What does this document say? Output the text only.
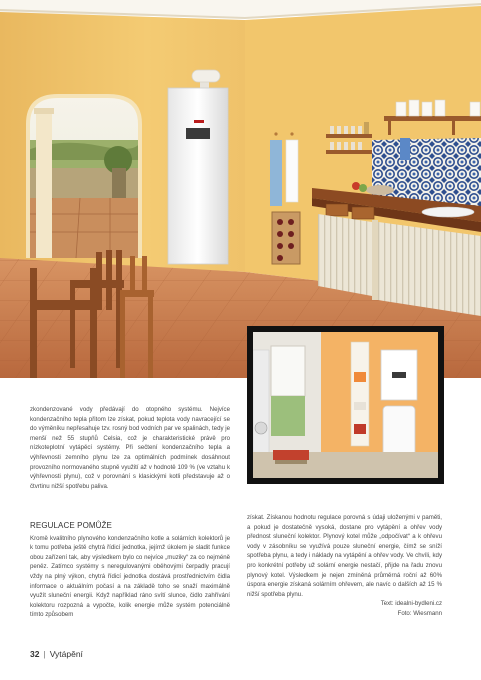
zkondenzované vody předávají do otopného systému. Nejvíce kondenzačního tepla přitom lze získat, pokud teplota vody navracející se do výměníku nepřesahuje tzv. rosný bod vodních par ve spalinách, tedy je menší než 55 stupňů Celsia, což je charakteristické právě pro nízkoteplotní vytápěcí systémy. Při sečtení kondenzačního tepla a výhřevnosti zemního plynu lze za optimálních podmínek dosáhnout provozního normovaného stupně využití až v hodnotě 109 % (ve vztahu k výhřevnosti plynu), což v porovnání s klasickými kotli představuje až o čtvrtinu nižší spotřebu paliva.

REGULACE POMŮŽE

Kromě kvalitního plynového kondenzačního kotle a solárních kolektorů je k tomu potřeba ještě chytrá řídicí jednotka, jejímž úkolem je sladit funkce obou zařízení tak, aby výsledkem bylo co nejvíce „muziky“ za co nejméně peněz. Zatímco systémy s neregulovanými oběhovými čerpadly pracují vždy na plný výkon, chytrá řídicí jednotka dostává prostřednictvím čidla informace o aktuálním počasí a na základě toho se snaží maximálně využít sluneční energii. Když například ráno svítí slunce, čidlo zahřívání kolektoru rozpozná a vypočte, kolik energie může systém potenciálně tímto způsobem

získat. Získanou hodnotu regulace porovná s údaji uloženými v paměti, a pokud je dostatečně vysoká, dostane pro vytápění a ohřev vody přednost sluneční kolektor. Plynový kotel může „odpočívat“ a k ohřevu vody v zásobníku se využívá pouze sluneční energie, čímž se sníží spotřeba plynu, a tedy i náklady na vytápění a ohřev vody. Ve chvíli, kdy pro konkrétní potřeby už solární energie nestačí, přijde na řadu znovu plynový kotel. Výsledkem je nejen zmíněná průměrná roční až 60% úspora energie získaná solárním ohřevem, ale navíc o dalších až 15 % nižší spotřeba plynu.

Text: idealni-bydleni.cz

Foto: Wiesmann

32 | Vytápění
